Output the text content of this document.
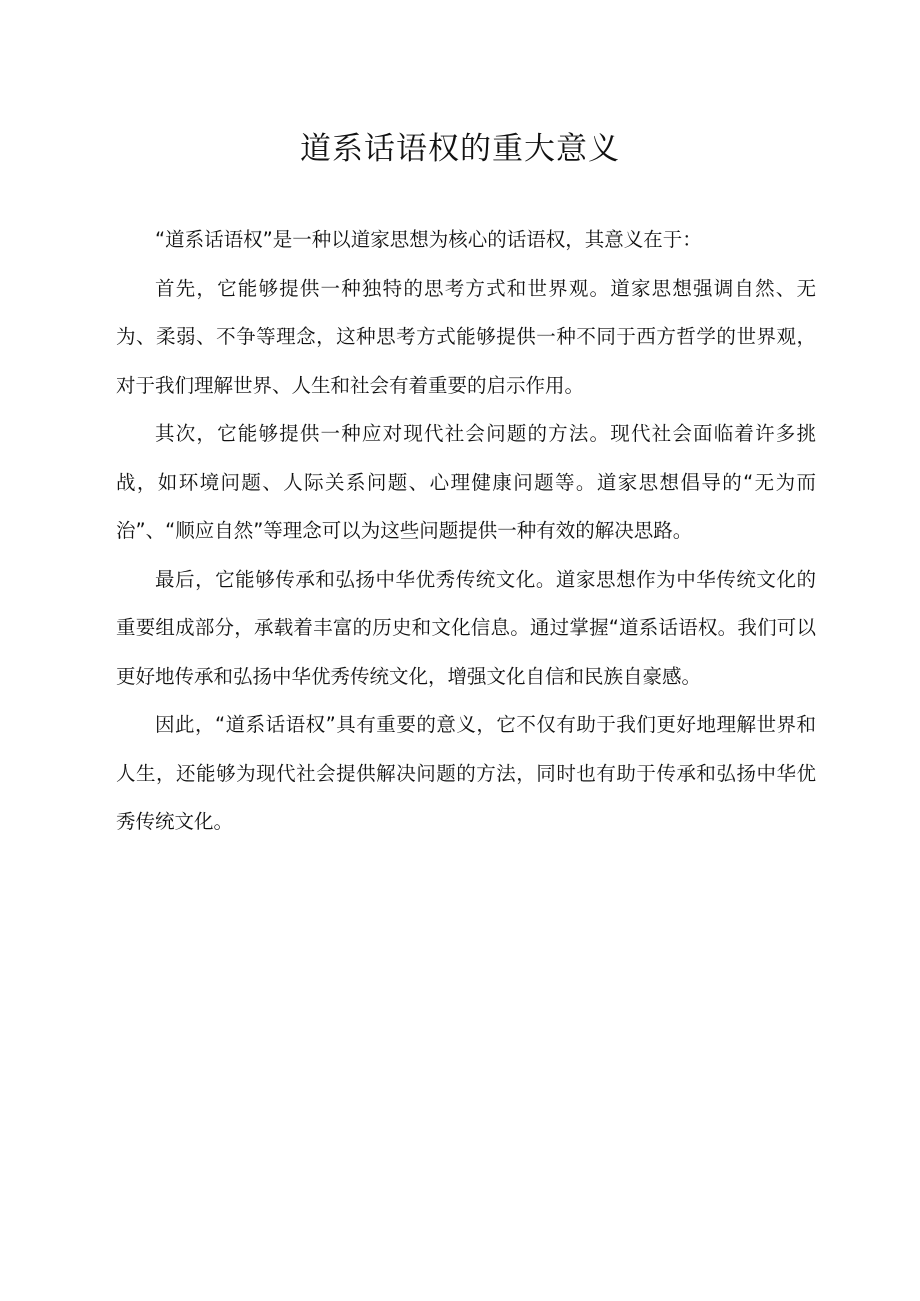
道系话语权的重大意义

“道系话语权”是一种以道家思想为核心的话语权，其意义在于：

首先，它能够提供一种独特的思考方式和世界观。道家思想强调自然、无为、柔弱、不争等理念，这种思考方式能够提供一种不同于西方哲学的世界观，对于我们理解世界、人生和社会有着重要的启示作用。

其次，它能够提供一种应对现代社会问题的方法。现代社会面临着许多挑战，如环境问题、人际关系问题、心理健康问题等。道家思想倡导的“无为而治”、“顺应自然”等理念可以为这些问题提供一种有效的解决思路。

最后，它能够传承和弘扬中华优秀传统文化。道家思想作为中华传统文化的重要组成部分，承载着丰富的历史和文化信息。通过掌握“道系话语权。我们可以更好地传承和弘扬中华优秀传统文化，增强文化自信和民族自豪感。

因此，“道系话语权”具有重要的意义，它不仅有助于我们更好地理解世界和人生，还能够为现代社会提供解决问题的方法，同时也有助于传承和弘扬中华优秀传统文化。
